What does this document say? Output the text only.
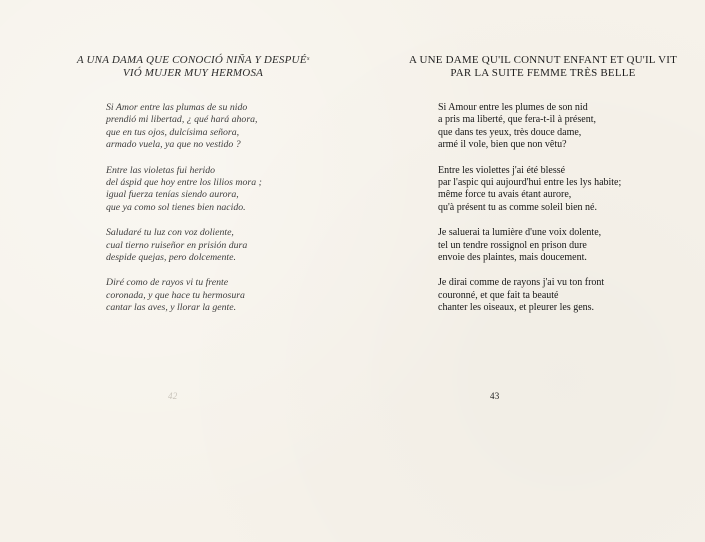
A UNA DAMA QUE CONOCIÓ NIÑA Y DESPUÉˢ
VIÓ MUJER MUY HERMOSA
Si Amor entre las plumas de su nido
prendió mi libertad, ¿ qué hará ahora,
que en tus ojos, dulcísima señora,
armado vuela, ya que no vestido ?
Entre las violetas fui herido
del áspid que hoy entre los lilios mora ;
igual fuerza tenías siendo aurora,
que ya como sol tienes bien nacido.
Saludaré tu luz con voz doliente,
cual tierno ruiseñor en prisión dura
despide quejas, pero dolcemente.
Diré como de rayos vi tu frente
coronada, y que hace tu hermosura
cantar las aves, y llorar la gente.
42
A UNE DAME QU'IL CONNUT ENFANT ET QU'IL VIT
PAR LA SUITE FEMME TRÈS BELLE
Si Amour entre les plumes de son nid
a pris ma liberté, que fera-t-il à présent,
que dans tes yeux, très douce dame,
armé il vole, bien que non vêtu?
Entre les violettes j'ai été blessé
par l'aspic qui aujourd'hui entre les lys habite;
même force tu avais étant aurore,
qu'à présent tu as comme soleil bien né.
Je saluerai ta lumière d'une voix dolente,
tel un tendre rossignol en prison dure
envoie des plaintes, mais doucement.
Je dirai comme de rayons j'ai vu ton front
couronné, et que fait ta beauté
chanter les oiseaux, et pleurer les gens.
43
